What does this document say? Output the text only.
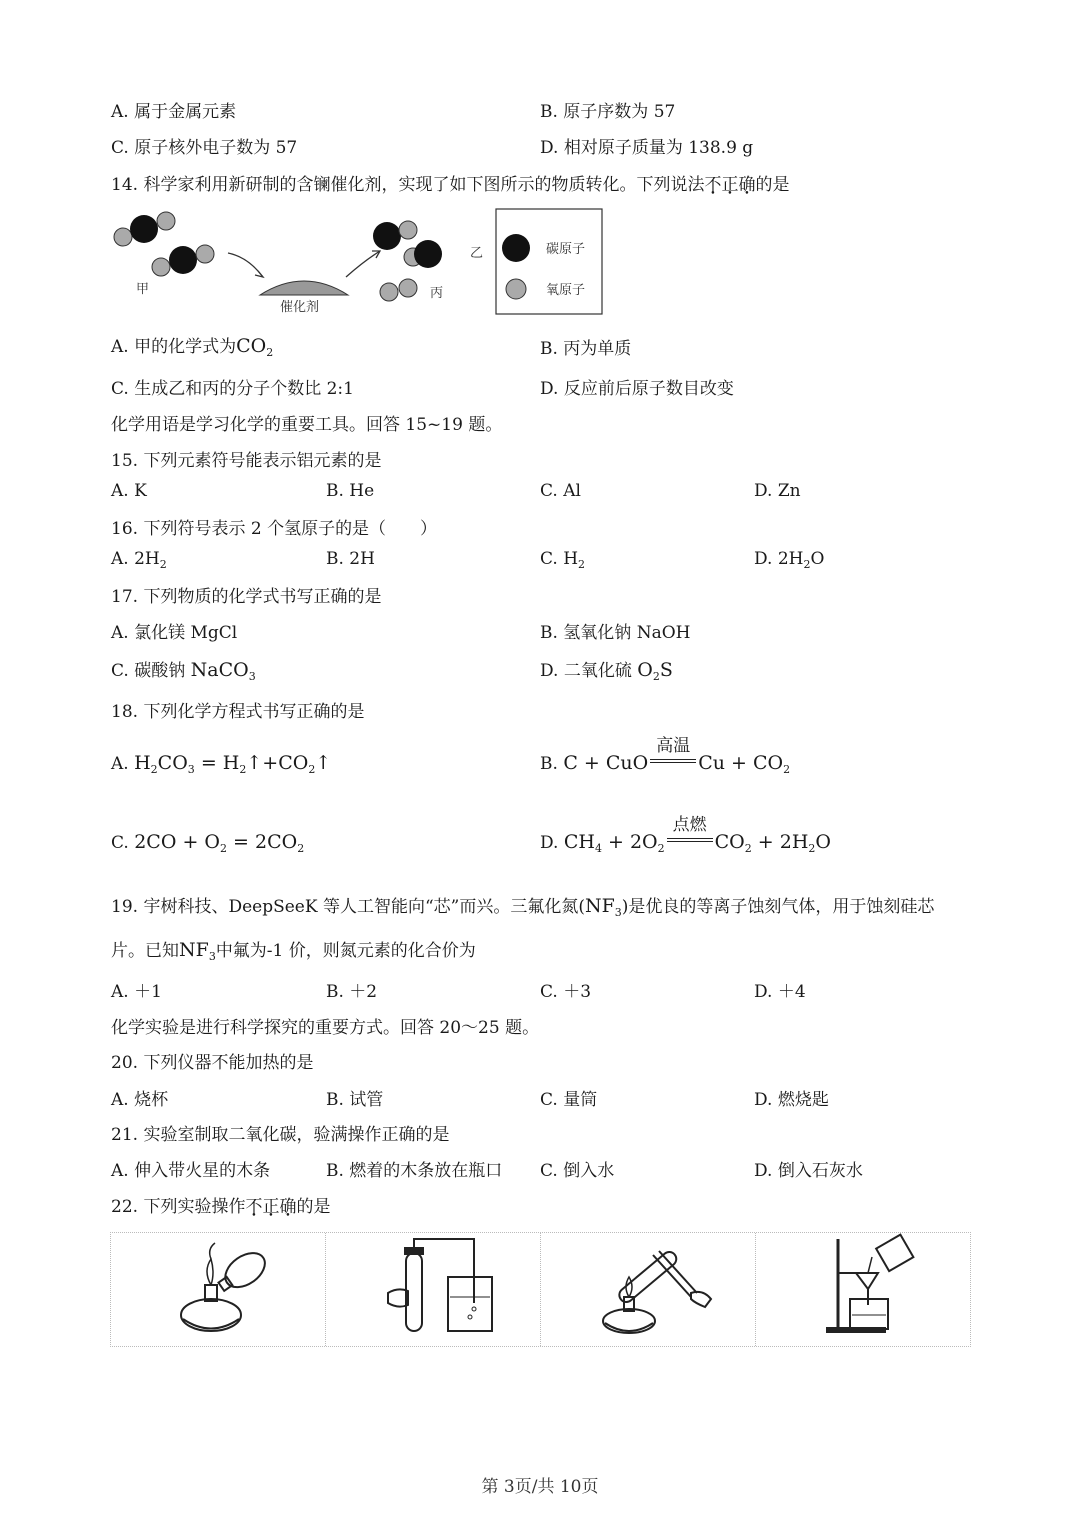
A. 属于金属元素	B. 原子序数为 57
C. 原子核外电子数为 57	D. 相对原子质量为 138.9 g
14. 科学家利用新研制的含镧催化剂，实现了如下图所示的物质转化。下列说法不正确的是
甲
催化剂
乙
丙
碳原子
氧原子
A. 甲的化学式为$CO_2$	B. 丙为单质
C. 生成乙和丙的分子个数比 2:1	D. 反应前后原子数目改变
化学用语是学习化学的重要工具。回答 15~19 题。
15. 下列元素符号能表示铝元素的是
A. K	B. He	C. Al	D. Zn
16. 下列符号表示 2 个氢原子的是（　　）
A. $2H_2$	B. 2H	C. $H_2$	D. $2H_2O$
17. 下列物质的化学式书写正确的是
A. 氯化镁 MgCl	B. 氢氧化钠 NaOH
C. 碳酸钠 NaCO$_3$	D. 二氧化硫 $O_2S$
18. 下列化学方程式书写正确的是
A. $H_2CO_3$ = $H_2↑+CO_2↑$	B. C + CuO
高温
$Cu + CO_2$
C. $2CO + O_2 = 2CO_2$	D. $CH_4 + 2O_2$
点燃
$CO_2 + 2H_2O$
19. 宇树科技、DeepSeeK 等人工智能向“芯”而兴。三氟化氮$(NF_3)$是优良的等离子蚀刻气体，用于蚀刻硅芯
片。已知$NF_3$中氟为-1 价，则氮元素的化合价为
A. ＋1	B. ＋2	C. ＋3	D. ＋4
化学实验是进行科学探究的重要方式。回答 20～25 题。
20. 下列仪器不能加热的是
A. 烧杯	B. 试管	C. 量筒	D. 燃烧匙
21. 实验室制取二氧化碳，验满操作正确的是
A. 伸入带火星的木条	B. 燃着的木条放在瓶口 C. 倒入水	D. 倒入石灰水
22. 下列实验操作不正确的是
第 3页/共 10页
